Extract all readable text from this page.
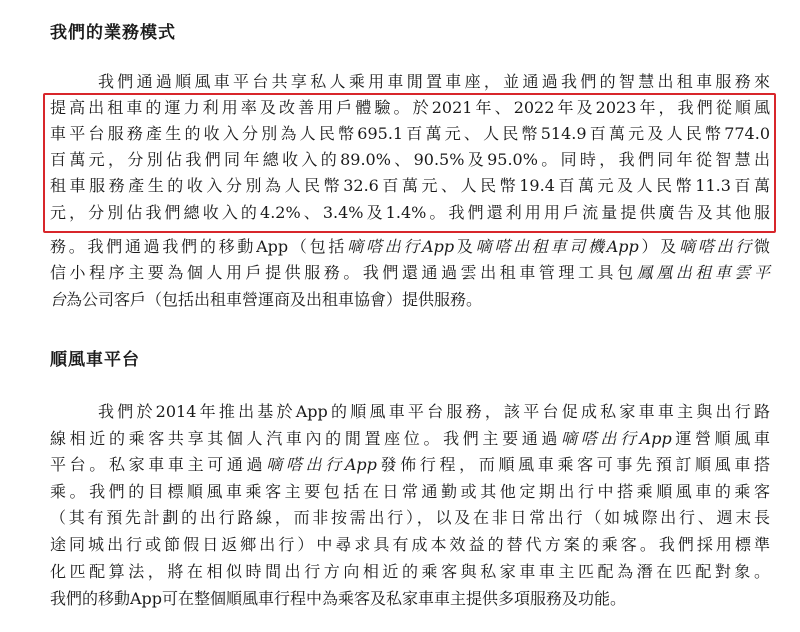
我們的業務模式
我們通過順風車平台共享私人乘用車閒置車座，並通過我們的智慧出租車服務來
提高出租車的運力利用率及改善用戶體驗。於2021年、2022年及2023年，我們從順風
車平台服務產生的收入分別為人民幣695.1百萬元、人民幣514.9百萬元及人民幣774.0
百萬元，分別佔我們同年總收入的89.0%、90.5%及95.0%。同時，我們同年從智慧出
租車服務產生的收入分別為人民幣32.6百萬元、人民幣19.4百萬元及人民幣11.3百萬
元，分別佔我們總收入的4.2%、3.4%及1.4%。我們還利用用戶流量提供廣告及其他服
務。我們通過我們的移動App（包括嘀嗒出行App及嘀嗒出租車司機App）及嘀嗒出行微
信小程序主要為個人用戶提供服務。我們還通過雲出租車管理工具包鳳凰出租車雲平
台為公司客戶（包括出租車營運商及出租車協會）提供服務。
順風車平台
我們於2014年推出基於App的順風車平台服務，該平台促成私家車車主與出行路
線相近的乘客共享其個人汽車內的閒置座位。我們主要通過嘀嗒出行App運營順風車
平台。私家車車主可通過嘀嗒出行App發佈行程，而順風車乘客可事先預訂順風車搭
乘。我們的目標順風車乘客主要包括在日常通勤或其他定期出行中搭乘順風車的乘客
（其有預先計劃的出行路線，而非按需出行），以及在非日常出行（如城際出行、週末長
途同城出行或節假日返鄉出行）中尋求具有成本效益的替代方案的乘客。我們採用標準
化匹配算法，將在相似時間出行方向相近的乘客與私家車車主匹配為潛在匹配對象。
我們的移動App可在整個順風車行程中為乘客及私家車車主提供多項服務及功能。
